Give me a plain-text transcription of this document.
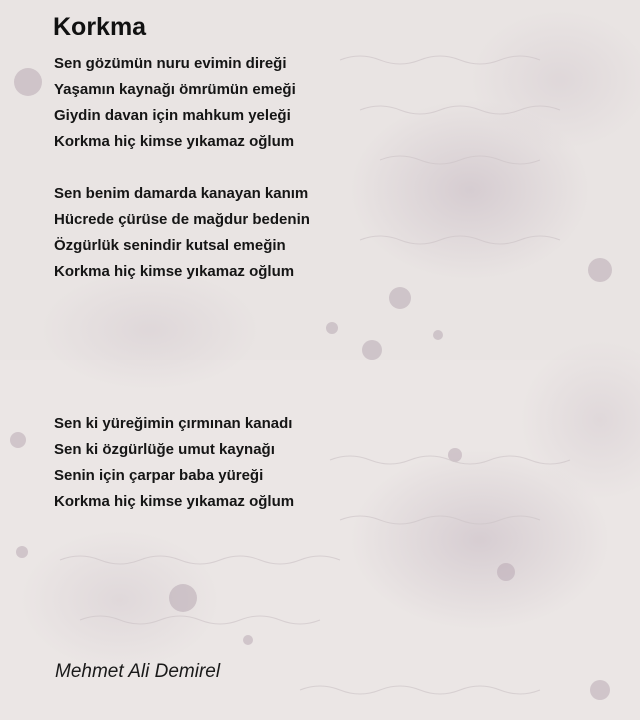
Korkma
Sen gözümün nuru evimin direği
Yaşamın kaynağı ömrümün emeği
Giydin davan için mahkum yeleği
Korkma hiç kimse yıkamaz oğlum
Sen benim damarda kanayan kanım
Hücrede çürüse de mağdur bedenin
Özgürlük senindir kutsal emeğin
Korkma hiç kimse yıkamaz oğlum
Sen ki yüreğimin çırmınan kanadı
Sen ki özgürlüğe umut kaynağı
Senin için çarpar baba yüreği
Korkma hiç kimse yıkamaz oğlum
Mehmet Ali Demirel
